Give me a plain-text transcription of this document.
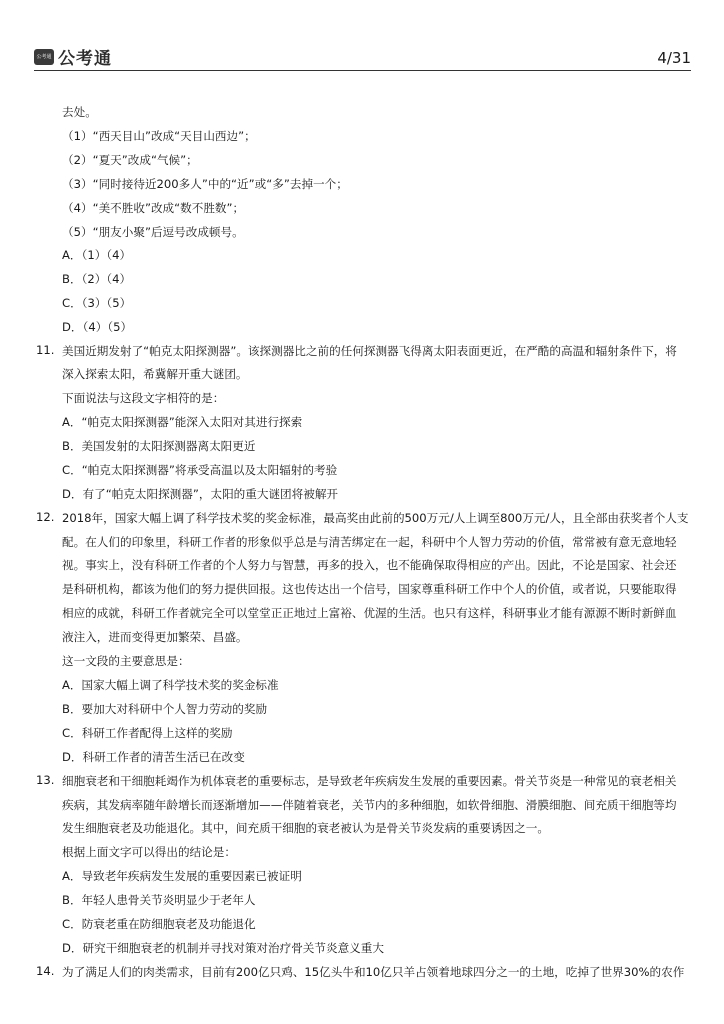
公考通 公考通	4/31
去处。
（1）“西天目山”改成“天目山西边”；
（2）“夏天”改成“气候”；
（3）“同时接待近200多人”中的“近”或“多”去掉一个；
（4）“美不胜收”改成“数不胜数”；
（5）“朋友小聚”后逗号改成顿号。
A．（1）（4）
B．（2）（4）
C．（3）（5）
D．（4）（5）
11. 美国近期发射了“帕克太阳探测器”。该探测器比之前的任何探测器飞得离太阳表面更近，在严酷的高温和辐射条件下，将
深入探索太阳，希冀解开重大谜团。
下面说法与这段文字相符的是：
A．“帕克太阳探测器”能深入太阳对其进行探索
B．美国发射的太阳探测器离太阳更近
C．“帕克太阳探测器”将承受高温以及太阳辐射的考验
D．有了“帕克太阳探测器”，太阳的重大谜团将被解开
12. 2018年，国家大幅上调了科学技术奖的奖金标准，最高奖由此前的500万元/人上调至800万元/人，且全部由获奖者个人支
配。在人们的印象里，科研工作者的形象似乎总是与清苦绑定在一起，科研中个人智力劳动的价值，常常被有意无意地轻
视。事实上，没有科研工作者的个人努力与智慧，再多的投入，也不能确保取得相应的产出。因此，不论是国家、社会还
是科研机构，都该为他们的努力提供回报。这也传达出一个信号，国家尊重科研工作中个人的价值，或者说，只要能取得
相应的成就，科研工作者就完全可以堂堂正正地过上富裕、优渥的生活。也只有这样，科研事业才能有源源不断时新鲜血
液注入，进而变得更加繁荣、昌盛。
这一文段的主要意思是：
A．国家大幅上调了科学技术奖的奖金标准
B．要加大对科研中个人智力劳动的奖励
C．科研工作者配得上这样的奖励
D．科研工作者的清苦生活已在改变
13. 细胞衰老和干细胞耗竭作为机体衰老的重要标志，是导致老年疾病发生发展的重要因素。骨关节炎是一种常见的衰老相关
疾病，其发病率随年龄增长而逐渐增加——伴随着衰老，关节内的多种细胞，如软骨细胞、滑膜细胞、间充质干细胞等均
发生细胞衰老及功能退化。其中，间充质干细胞的衰老被认为是骨关节炎发病的重要诱因之一。
根据上面文字可以得出的结论是：
A．导致老年疾病发生发展的重要因素已被证明
B．年轻人患骨关节炎明显少于老年人
C．防衰老重在防细胞衰老及功能退化
D．研究干细胞衰老的机制并寻找对策对治疗骨关节炎意义重大
14. 为了满足人们的肉类需求，目前有200亿只鸡、15亿头牛和10亿只羊占领着地球四分之一的土地，吃掉了世界30%的农作
